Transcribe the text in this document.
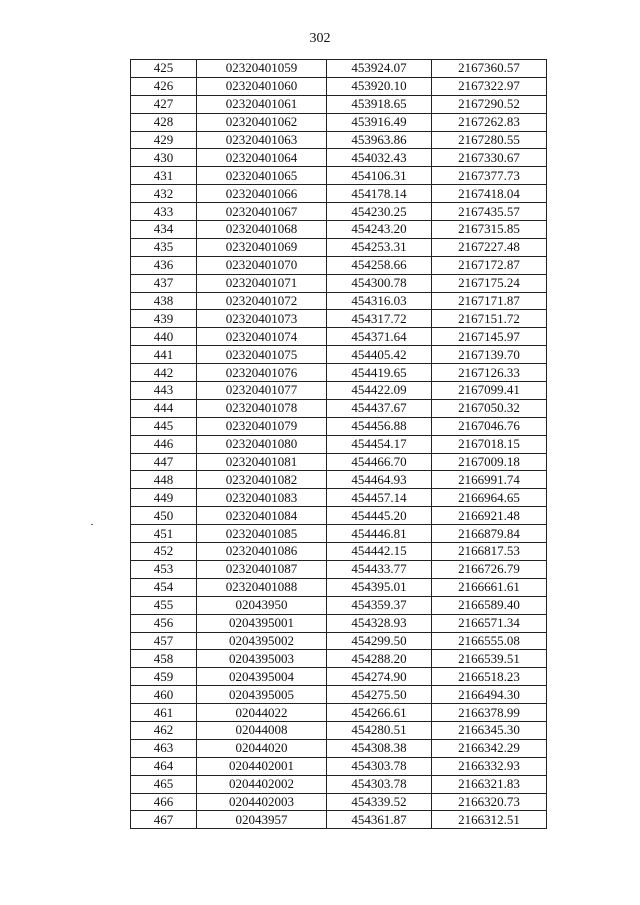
302
425	02320401059	453924.07	2167360.57
426	02320401060	453920.10	2167322.97
427	02320401061	453918.65	2167290.52
428	02320401062	453916.49	2167262.83
429	02320401063	453963.86	2167280.55
430	02320401064	454032.43	2167330.67
431	02320401065	454106.31	2167377.73
432	02320401066	454178.14	2167418.04
433	02320401067	454230.25	2167435.57
434	02320401068	454243.20	2167315.85
435	02320401069	454253.31	2167227.48
436	02320401070	454258.66	2167172.87
437	02320401071	454300.78	2167175.24
438	02320401072	454316.03	2167171.87
439	02320401073	454317.72	2167151.72
440	02320401074	454371.64	2167145.97
441	02320401075	454405.42	2167139.70
442	02320401076	454419.65	2167126.33
443	02320401077	454422.09	2167099.41
444	02320401078	454437.67	2167050.32
445	02320401079	454456.88	2167046.76
446	02320401080	454454.17	2167018.15
447	02320401081	454466.70	2167009.18
448	02320401082	454464.93	2166991.74
449	02320401083	454457.14	2166964.65
450	02320401084	454445.20	2166921.48
451	02320401085	454446.81	2166879.84
452	02320401086	454442.15	2166817.53
453	02320401087	454433.77	2166726.79
454	02320401088	454395.01	2166661.61
455	02043950	454359.37	2166589.40
456	0204395001	454328.93	2166571.34
457	0204395002	454299.50	2166555.08
458	0204395003	454288.20	2166539.51
459	0204395004	454274.90	2166518.23
460	0204395005	454275.50	2166494.30
461	02044022	454266.61	2166378.99
462	02044008	454280.51	2166345.30
463	02044020	454308.38	2166342.29
464	0204402001	454303.78	2166332.93
465	0204402002	454303.78	2166321.83
466	0204402003	454339.52	2166320.73
467	02043957	454361.87	2166312.51
